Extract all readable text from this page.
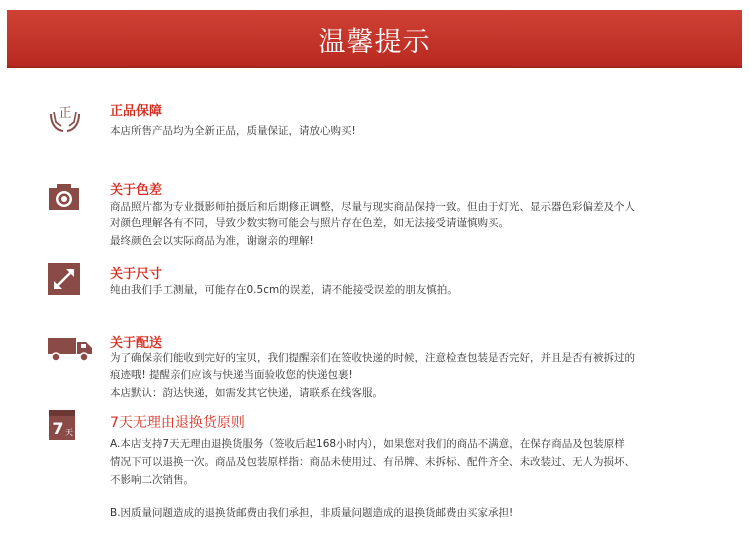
温馨提示
正	正品保障
本店所售产品均为全新正品，质量保证，请放心购买!
关于色差
商品照片都为专业摄影师拍摄后和后期修正调整，尽量与现实商品保持一致。但由于灯光、显示器色彩偏差及个人
对颜色理解各有不同，导致少数实物可能会与照片存在色差，如无法接受请谨慎购买。
最终颜色会以实际商品为准，谢谢亲的理解!
关于尺寸
纯由我们手工测量，可能存在0.5cm的误差，请不能接受误差的朋友慎拍。
关于配送
为了确保亲们能收到完好的宝贝，我们提醒亲们在签收快递的时候，注意检查包装是否完好，并且是否有被拆过的
痕迹哦! 提醒亲们应该与快递当面验收您的快递包裹!
本店默认：韵达快递，如需发其它快递，请联系在线客服。
7 天
7天无理由退换货原则
A.本店支持7天无理由退换货服务（签收后起168小时内），如果您对我们的商品不满意，在保存商品及包装原样
情况下可以退换一次。商品及包装原样指：商品未使用过、有吊牌、未拆标、配件齐全、未改装过、无人为损坏、
不影响二次销售。
B.因质量问题造成的退换货邮费由我们承担，非质量问题造成的退换货邮费由买家承担!
